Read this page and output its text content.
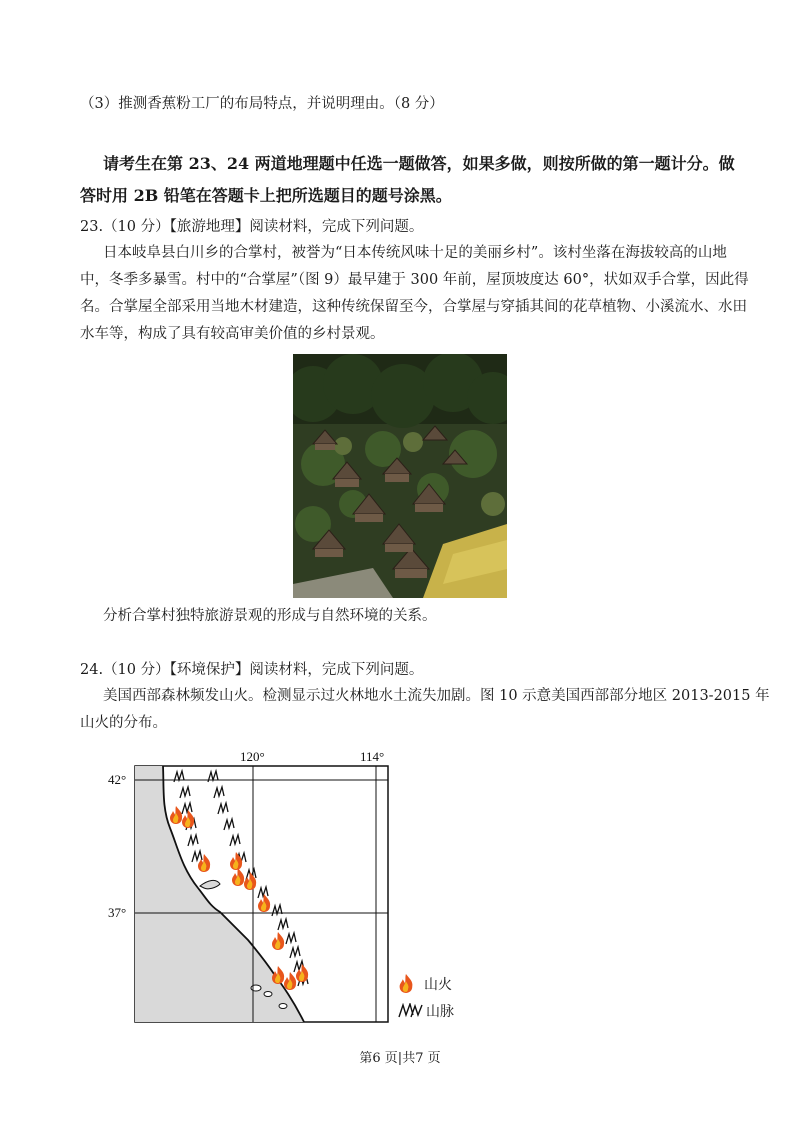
（3）推测香蕉粉工厂的布局特点，并说明理由。（8 分）
请考生在第 23、24 两道地理题中任选一题做答，如果多做，则按所做的第一题计分。做
答时用 2B 铅笔在答题卡上把所选题目的题号涂黑。
23.（10 分）【旅游地理】阅读材料，完成下列问题。
日本岐阜县白川乡的合掌村，被誉为“日本传统风味十足的美丽乡村”。该村坐落在海拔较高的山地
中，冬季多暴雪。村中的“合掌屋”（图 9）最早建于 300 年前，屋顶坡度达 60°，状如双手合掌，因此得
名。合掌屋全部采用当地木材建造，这种传统保留至今，合掌屋与穿插其间的花草植物、小溪流水、水田
水车等，构成了具有较高审美价值的乡村景观。
分析合掌村独特旅游景观的形成与自然环境的关系。
24.（10 分）【环境保护】阅读材料，完成下列问题。
美国西部森林频发山火。检测显示过火林地水土流失加剧。图 10 示意美国西部部分地区 2013-2015 年
山火的分布。
120°	114°
42°
37°
山火
山脉
第6 页|共7 页
